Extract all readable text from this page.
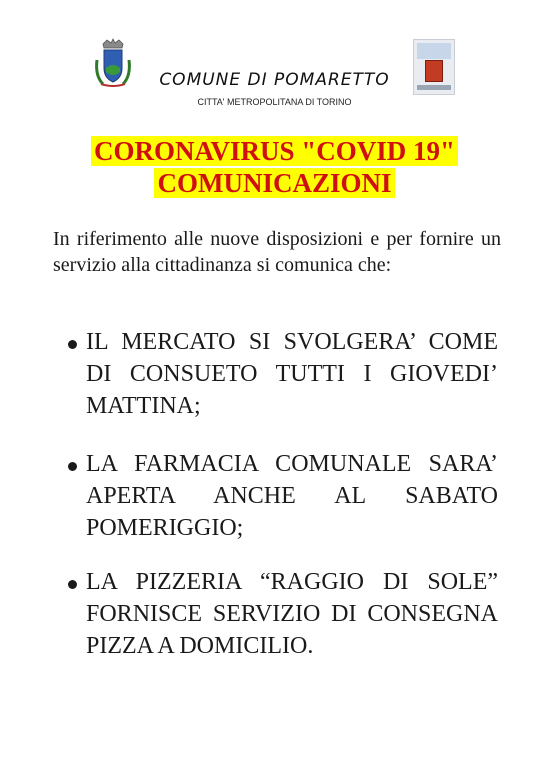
COMUNE DI POMARETTO
CITTA' METROPOLITANA DI TORINO
CORONAVIRUS "COVID 19"
COMUNICAZIONI
In riferimento alle nuove disposizioni e per fornire un servizio alla cittadinanza si comunica che:
IL MERCATO SI SVOLGERA’ COME DI CONSUETO TUTTI I GIOVEDI’ MATTINA;
LA FARMACIA COMUNALE SARA’ APERTA ANCHE AL SABATO POMERIGGIO;
LA PIZZERIA “RAGGIO DI SOLE” FORNISCE SERVIZIO DI CONSEGNA PIZZA A DOMICILIO.
